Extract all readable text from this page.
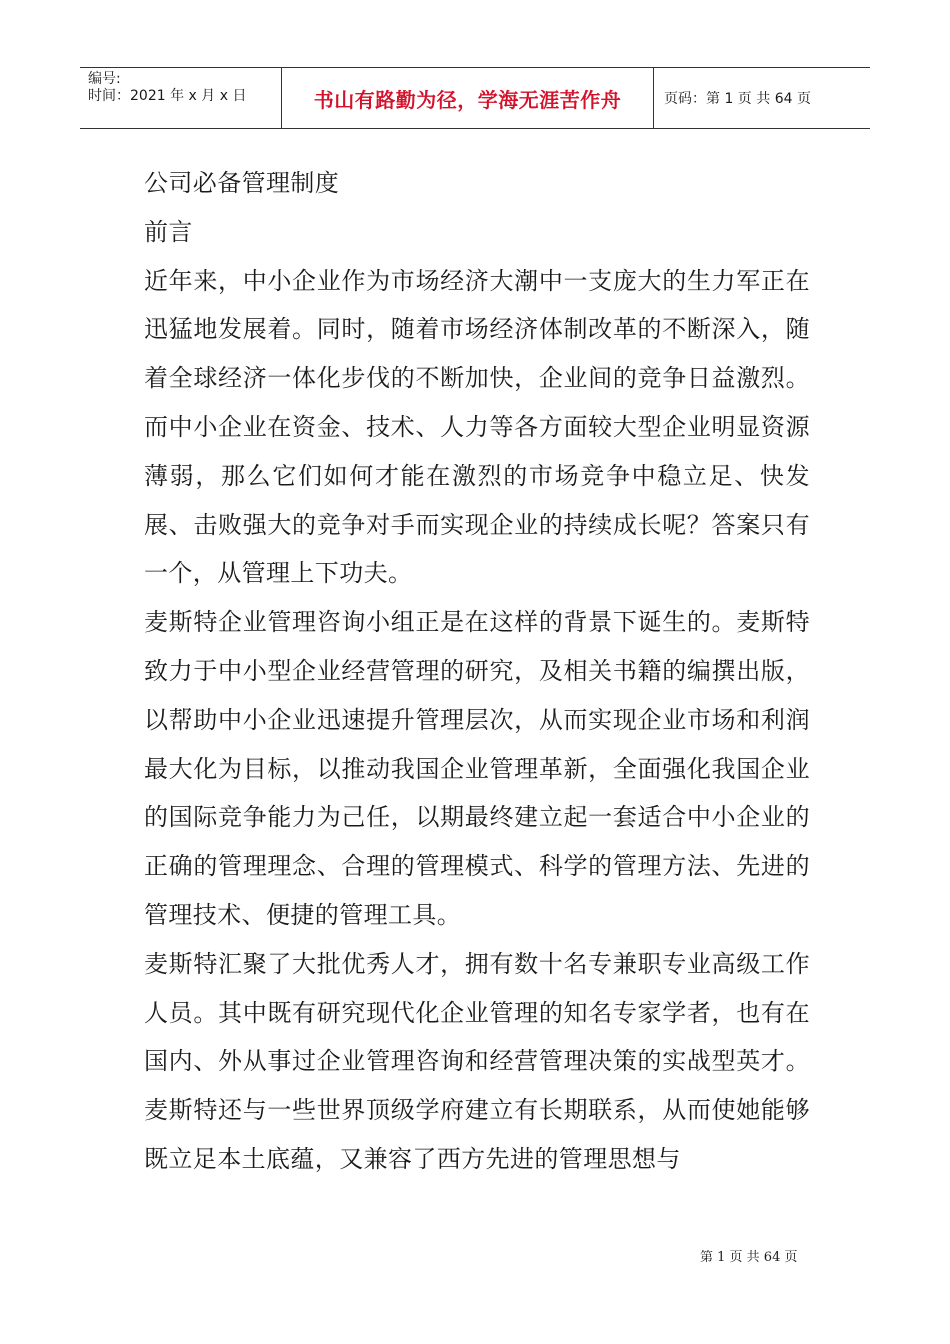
编号:
时间：2021 年 x 月 x 日	书山有路勤为径，学海无涯苦作舟	页码：第 1 页 共 64 页

公司必备管理制度

前言

近年来，中小企业作为市场经济大潮中一支庞大的生力军正在迅猛地发展着。同时，随着市场经济体制改革的不断深入，随着全球经济一体化步伐的不断加快，企业间的竞争日益激烈。而中小企业在资金、技术、人力等各方面较大型企业明显资源薄弱，那么它们如何才能在激烈的市场竞争中稳立足、快发展、击败强大的竞争对手而实现企业的持续成长呢？答案只有一个，从管理上下功夫。

麦斯特企业管理咨询小组正是在这样的背景下诞生的。麦斯特致力于中小型企业经营管理的研究，及相关书籍的编撰出版，以帮助中小企业迅速提升管理层次，从而实现企业市场和利润最大化为目标，以推动我国企业管理革新，全面强化我国企业的国际竞争能力为己任，以期最终建立起一套适合中小企业的正确的管理理念、合理的管理模式、科学的管理方法、先进的管理技术、便捷的管理工具。

麦斯特汇聚了大批优秀人才，拥有数十名专兼职专业高级工作人员。其中既有研究现代化企业管理的知名专家学者，也有在国内、外从事过企业管理咨询和经营管理决策的实战型英才。麦斯特还与一些世界顶级学府建立有长期联系，从而使她能够既立足本土底蕴，又兼容了西方先进的管理思想与

第 1 页 共 64 页
